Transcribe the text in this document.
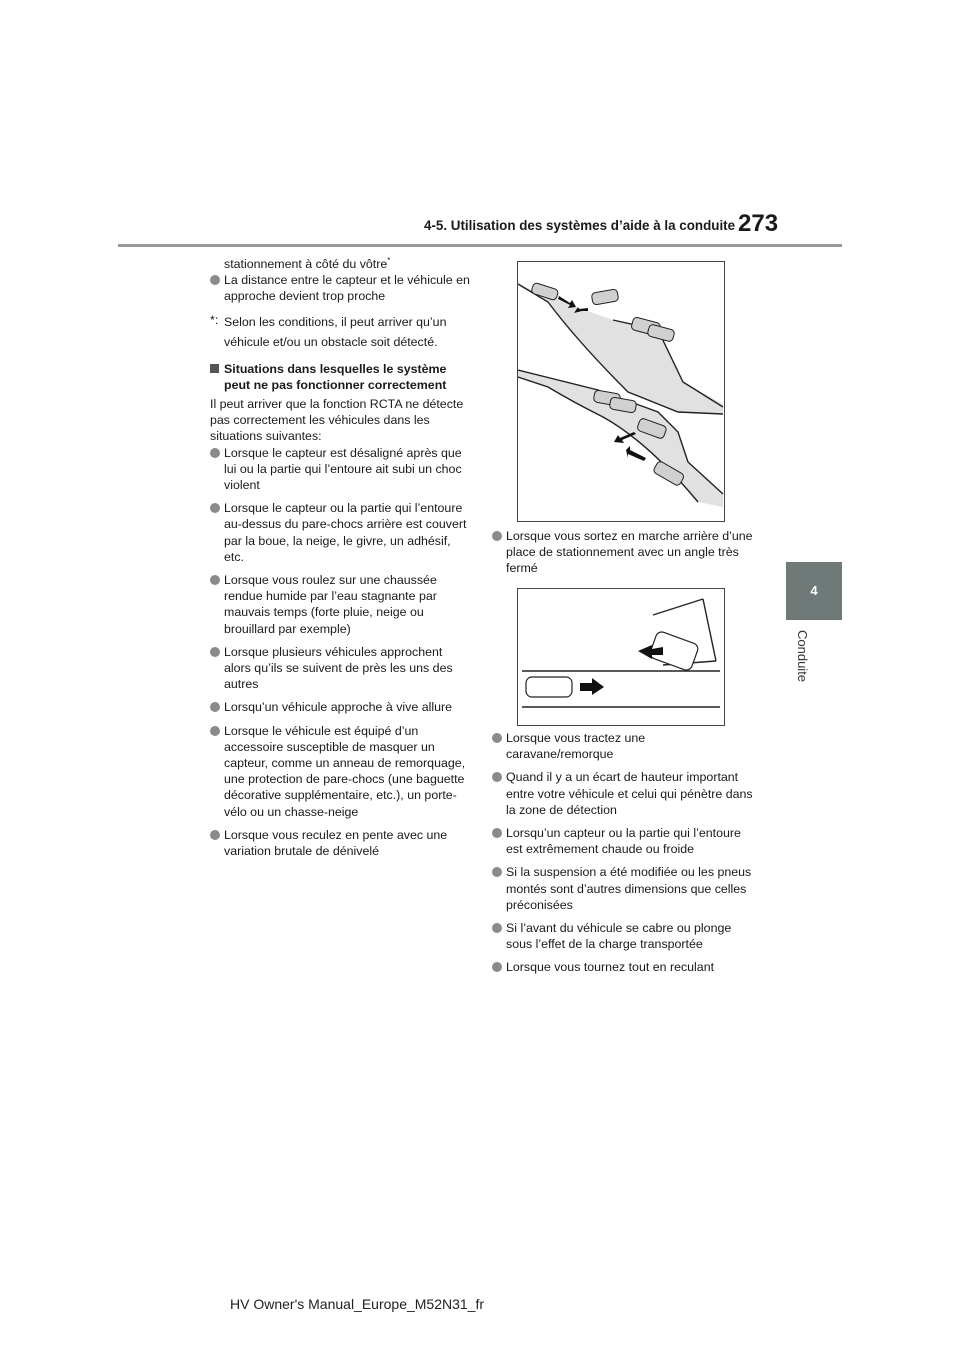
4-5. Utilisation des systèmes d’aide à la conduite 273
4
Conduite

stationnement à côté du vôtre*

La distance entre le capteur et le véhicule en approche devient trop proche
*: Selon les conditions, il peut arriver qu’un véhicule et/ou un obstacle soit détecté.
Situations dans lesquelles le système peut ne pas fonctionner correctement

Il peut arriver que la fonction RCTA ne détecte pas correctement les véhicules dans les situations suivantes:

Lorsque le capteur est désaligné après que lui ou la partie qui l’entoure ait subi un choc violent
Lorsque le capteur ou la partie qui l’entoure au-dessus du pare-chocs arrière est couvert par la boue, la neige, le givre, un adhésif, etc.
Lorsque vous roulez sur une chaussée rendue humide par l’eau stagnante par mauvais temps (forte pluie, neige ou brouillard par exemple)
Lorsque plusieurs véhicules approchent alors qu’ils se suivent de près les uns des autres
Lorsqu’un véhicule approche à vive allure
Lorsque le véhicule est équipé d’un accessoire susceptible de masquer un capteur, comme un anneau de remorquage, une protection de pare-chocs (une baguette décorative supplémentaire, etc.), un porte-vélo ou un chasse-neige
Lorsque vous reculez en pente avec une variation brutale de dénivelé
Lorsque vous sortez en marche arrière d’une place de stationnement avec un angle très fermé
Lorsque vous tractez une caravane/remorque
Quand il y a un écart de hauteur important entre votre véhicule et celui qui pénètre dans la zone de détection
Lorsqu’un capteur ou la partie qui l’entoure est extrêmement chaude ou froide
Si la suspension a été modifiée ou les pneus montés sont d’autres dimensions que celles préconisées
Si l’avant du véhicule se cabre ou plonge sous l’effet de la charge transportée
Lorsque vous tournez tout en reculant
HV Owner's Manual_Europe_M52N31_fr
